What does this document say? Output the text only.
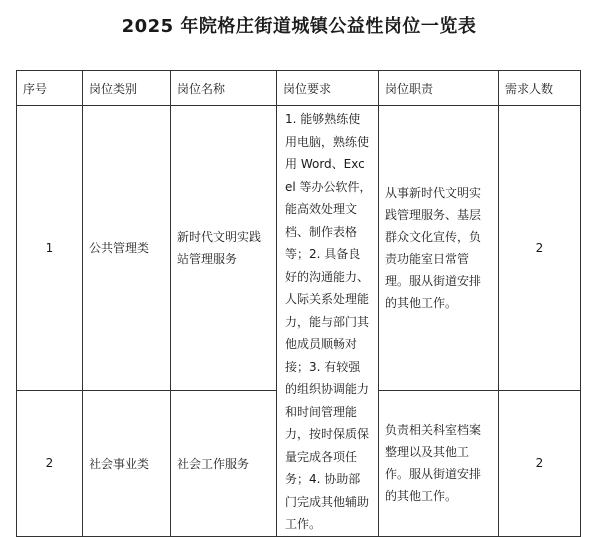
2025 年院格庄街道城镇公益性岗位一览表
序号	岗位类别	岗位名称	岗位要求	岗位职责	需求人数
1	公共管理类	新时代文明实践站管理服务	1. 能够熟练使用电脑，熟练使用 Word、Excel 等办公软件，能高效处理文档、制作表格等；2. 具备良好的沟通能力、人际关系处理能力，能与部门其他成员顺畅对接；3. 有较强的组织协调能力和时间管理能力，按时保质保量完成各项任务；4. 协助部门完成其他辅助工作。	从事新时代文明实践管理服务、基层群众文化宣传，负责功能室日常管理。服从街道安排的其他工作。	2
2	社会事业类	社会工作服务		负责相关科室档案整理以及其他工作。服从街道安排的其他工作。	2
